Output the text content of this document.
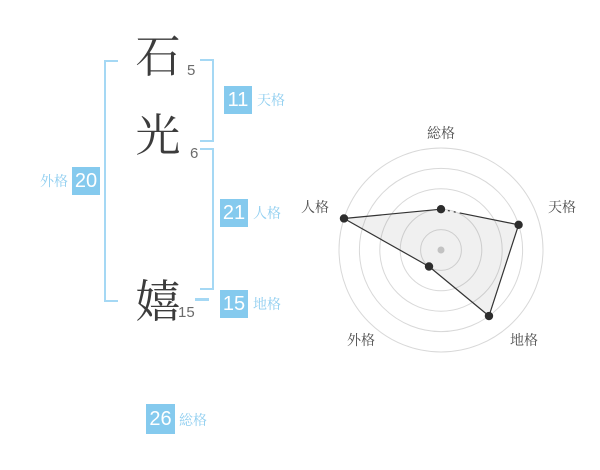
石
光
嬉
5
6
15
11 天格
21 人格
15 地格
外格 20
26 総格
総格
天格
地格
外格
人格
